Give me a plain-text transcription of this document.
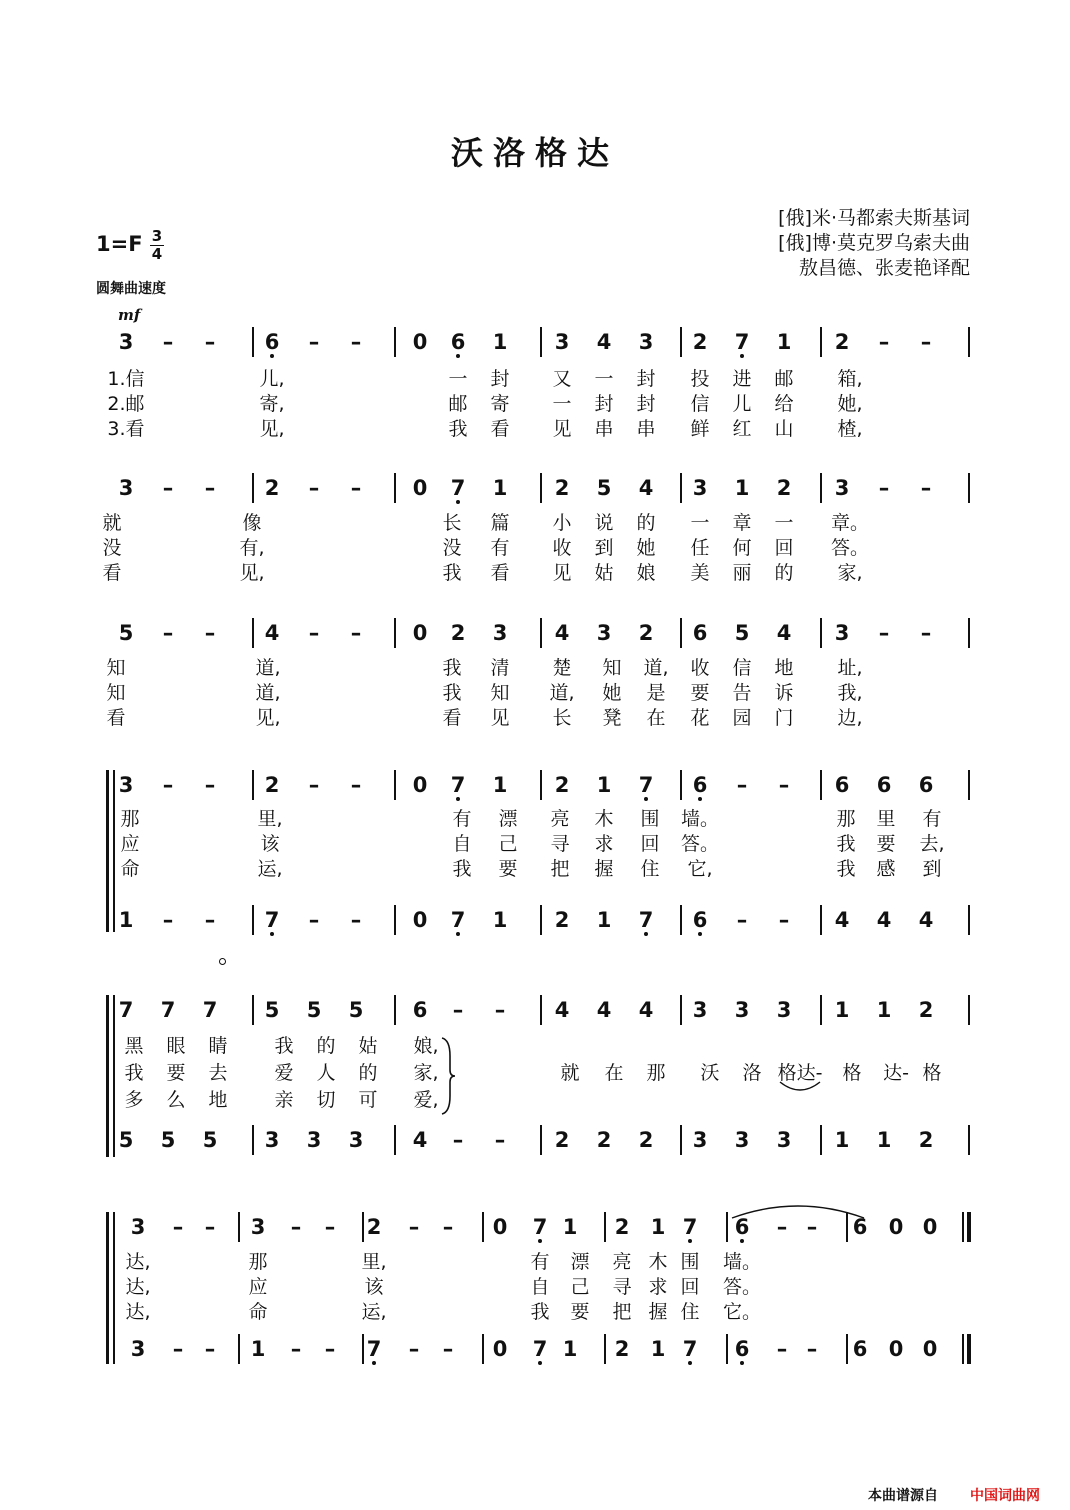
沃洛格达
[俄]米·马都索夫斯基词
[俄]博·莫克罗乌索夫曲
敖昌德、张麦艳译配
1=F 3
4
圆舞曲速度
mf
3	–	–	6	–	–	0	6	1	3	4	3	2	7	1	2	–	–
1.信	儿,	一	封	又	一	封	投	进	邮	箱,
2.邮	寄,	邮	寄	一	封	封	信	儿	给	她,
3.看	见,	我	看	见	串	串	鲜	红	山	楂,
3	–	–	2	–	–	0	7	1	2	5	4	3	1	2	3	–	–
就	像	长	篇	小	说	的	一	章	一	章。
没	有,	没	有	收	到	她	任	何	回	答。
看	见,	我	看	见	姑	娘	美	丽	的	家,
5	–	–	4	–	–	0	2	3	4	3	2	6	5	4	3	–	–
知	道,	我	清	楚	知	道,	收	信	地	址,
知	道,	我	知	道,	她	是	要	告	诉	我,
看	见,	看	见	长	凳	在	花	园	门	边,
3	–	–	2	–	–	0	7	1	2	1	7	6	–	–	6	6	6
那	里,	有	漂	亮	木	围	墙。	那	里	有
应	该	自	己	寻	求	回	答。	我	要	去,
命	运,	我	要	把	握	住	它,	我	感	到
1	–	–	7	–	–	0	7	1	2	1	7	6	–	–	4	4	4
7	7	7	5	5	5	6	–	–	4	4	4	3	3	3	1	1	2
黑	眼	睛	我	的	姑	娘,
我	要	去	爱	人	的	家,
多	么	地	亲	切	可	爱,
就	在	那	沃	洛 格达-	格	达- 格
5	5	5	3	3	3	4	–	–	2	2	2	3	3	3	1	1	2
3	–	–	3	–	–	2	–	–	0	7 1	2	1 7	6	– –	6	0 0
达,	那	里,	有	漂	亮 木 围	墙。
达,	应	该	自	己	寻 求 回	答。
达,	命	运,	我	要	把 握 住	它。
3	–	–	1	–	–	7	–	–	0	7 1	2	1 7	6	– –	6	0 0
本曲谱源自 中国词曲网
